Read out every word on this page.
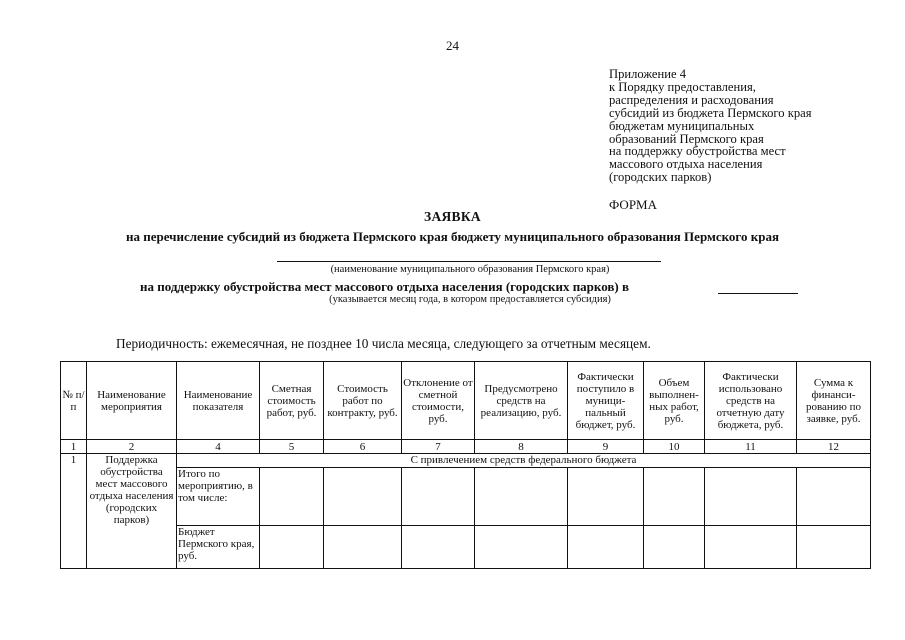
24
Приложение 4
к Порядку предоставления,
распределения и расходования
субсидий из бюджета Пермского края
бюджетам муниципальных
образований Пермского края
на поддержку обустройства мест
массового отдыха населения
(городских парков)
ФОРМА
ЗАЯВКА
на перечисление субсидий из бюджета Пермского края бюджету муниципального образования Пермского края
(наименование муниципального образования Пермского края)
на поддержку обустройства мест массового отдыха населения (городских парков) в
(указывается месяц года, в котором предоставляется субсидия)
Периодичность: ежемесячная, не позднее 10 числа месяца, следующего за отчетным месяцем.
№ п/п	Наименование мероприятия	Наименование показателя	Сметная стоимость работ, руб.	Стоимость работ по контракту, руб.	Отклонение от сметной стоимости, руб.	Предусмотрено средств на реализацию, руб.	Фактически поступило в муници-пальный бюджет, руб.	Объем выполнен-ных работ, руб.	Фактически использовано средств на отчетную дату бюджета, руб.	Сумма к финанси-рованию по заявке, руб.
1	2	4	5	6	7	8	9	10	11	12
1	Поддержка обустройства мест массового отдыха населения (городских парков)	С привлечением средств федерального бюджета								
		Итого по мероприятию, в том числе:								
		Бюджет Пермского края, руб.								
